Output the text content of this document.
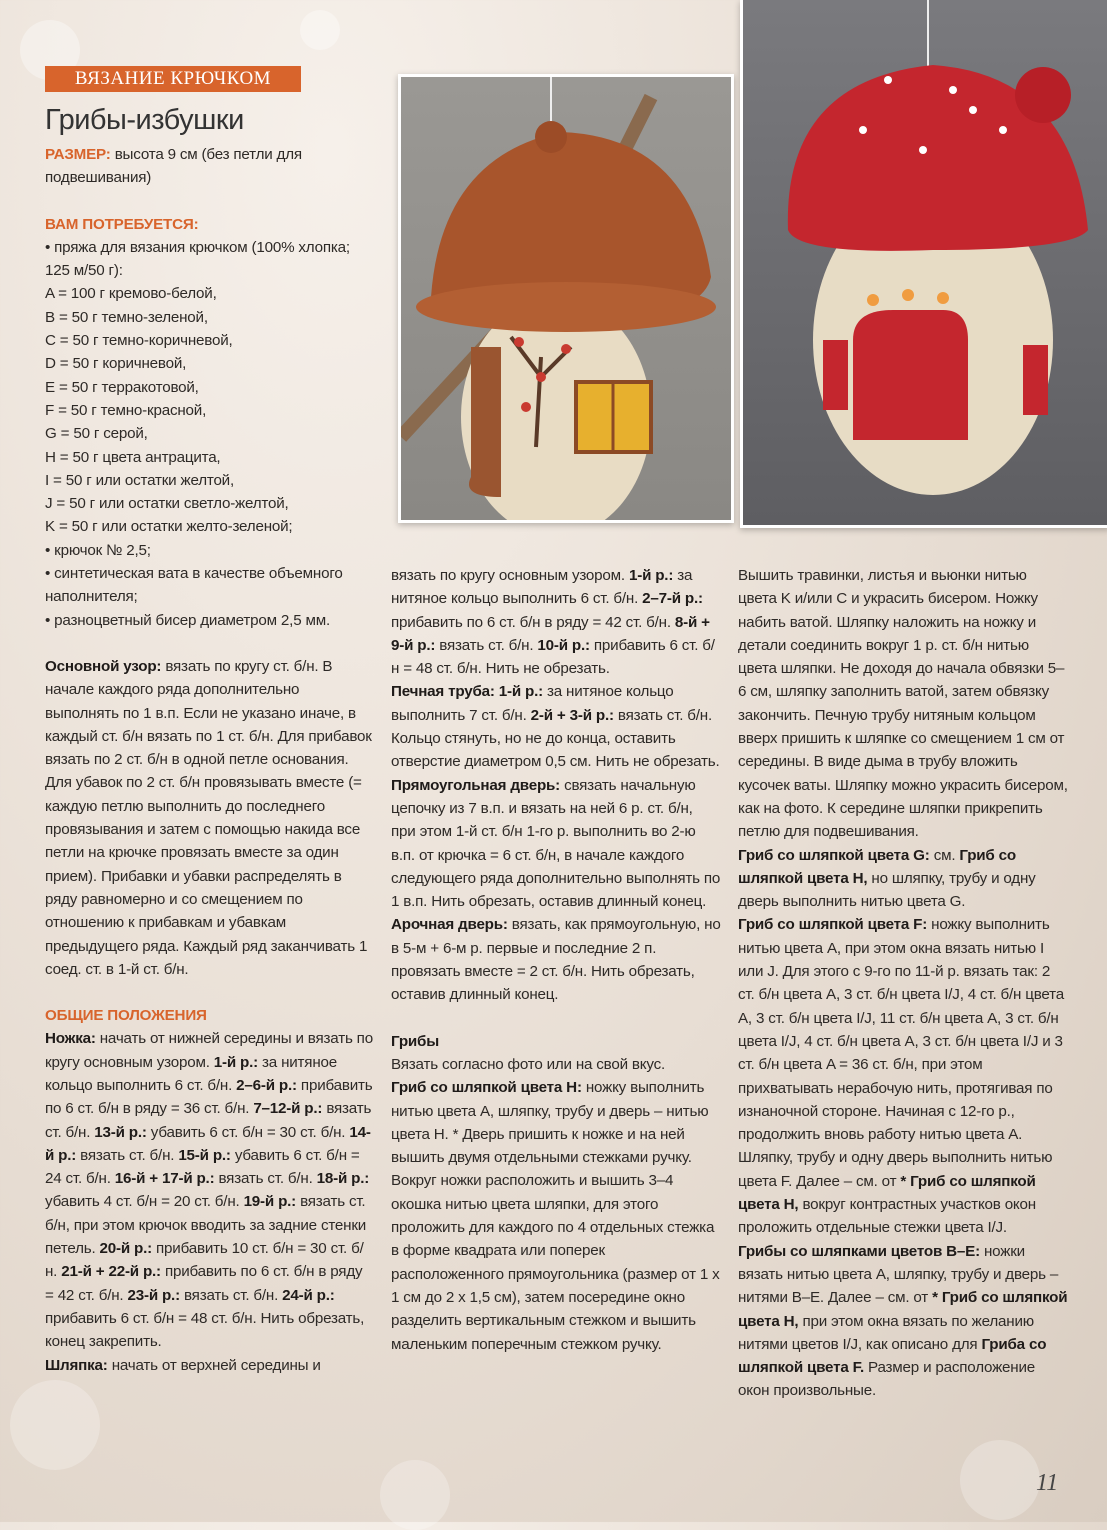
ВЯЗАНИЕ КРЮЧКОМ
Грибы-избушки

РАЗМЕР: высота 9 см (без петли для подвешивания)

ВАМ ПОТРЕБУЕТСЯ:

• пряжа для вязания крючком (100% хлопка; 125 м/50 г):

A = 100 г кремово-белой,

B = 50 г темно-зеленой,

C = 50 г темно-коричневой,

D = 50 г коричневой,

E = 50 г терракотовой,

F = 50 г темно-красной,

G = 50 г серой,

H = 50 г цвета антрацита,

I = 50 г или остатки желтой,

J = 50 г или остатки светло-желтой,

K = 50 г или остатки желто-зеленой;

• крючок № 2,5;

• синтетическая вата в качестве объемного наполнителя;

• разноцветный бисер диаметром 2,5 мм.

Основной узор: вязать по кругу ст. б/н. В начале каждого ряда дополнительно выполнять по 1 в.п. Если не указано иначе, в каждый ст. б/н вязать по 1 ст. б/н. Для прибавок вязать по 2 ст. б/н в одной петле основания. Для убавок по 2 ст. б/н провязывать вместе (= каждую петлю выполнить до последнего провязывания и затем с помощью накида все петли на крючке провязать вместе за один прием). Прибавки и убавки распределять в ряду равномерно и со смещением по отношению к прибавкам и убавкам предыдущего ряда. Каждый ряд заканчивать 1 соед. ст. в 1-й ст. б/н.

ОБЩИЕ ПОЛОЖЕНИЯ

Ножка: начать от нижней середины и вязать по кругу основным узором. 1-й р.: за нитяное кольцо выполнить 6 ст. б/н. 2–6-й р.: прибавить по 6 ст. б/н в ряду = 36 ст. б/н. 7–12-й р.: вязать ст. б/н. 13-й р.: убавить 6 ст. б/н = 30 ст. б/н. 14-й р.: вязать ст. б/н. 15-й р.: убавить 6 ст. б/н = 24 ст. б/н. 16-й + 17-й р.: вязать ст. б/н. 18-й р.: убавить 4 ст. б/н = 20 ст. б/н. 19-й р.: вязать ст. б/н, при этом крючок вводить за задние стенки петель. 20-й р.: прибавить 10 ст. б/н = 30 ст. б/н. 21-й + 22-й р.: прибавить по 6 ст. б/н в ряду = 42 ст. б/н. 23-й р.: вязать ст. б/н. 24-й р.: прибавить 6 ст. б/н = 48 ст. б/н. Нить обрезать, конец закрепить.

Шляпка: начать от верхней середины и

вязать по кругу основным узором. 1-й р.: за нитяное кольцо выполнить 6 ст. б/н. 2–7-й р.: прибавить по 6 ст. б/н в ряду = 42 ст. б/н. 8-й + 9-й р.: вязать ст. б/н. 10-й р.: прибавить 6 ст. б/н = 48 ст. б/н. Нить не обрезать.

Печная труба: 1-й р.: за нитяное кольцо выполнить 7 ст. б/н. 2-й + 3-й р.: вязать ст. б/н. Кольцо стянуть, но не до конца, оставить отверстие диаметром 0,5 см. Нить не обрезать.

Прямоугольная дверь: связать начальную цепочку из 7 в.п. и вязать на ней 6 р. ст. б/н, при этом 1-й ст. б/н 1-го р. выполнить во 2-ю в.п. от крючка = 6 ст. б/н, в начале каждого следующего ряда дополнительно выполнять по 1 в.п. Нить обрезать, оставив длинный конец.

Арочная дверь: вязать, как прямоугольную, но в 5-м + 6-м р. первые и последние 2 п. провязать вместе = 2 ст. б/н. Нить обрезать, оставив длинный конец.

Грибы

Вязать согласно фото или на свой вкус.

Гриб со шляпкой цвета H: ножку выполнить нитью цвета A, шляпку, трубу и дверь – нитью цвета H. * Дверь пришить к ножке и на ней вышить двумя отдельными стежками ручку. Вокруг ножки расположить и вышить 3–4 окошка нитью цвета шляпки, для этого проложить для каждого по 4 отдельных стежка в форме квадрата или поперек расположенного прямоугольника (размер от 1 х 1 см до 2 х 1,5 см), затем посередине окно разделить вертикальным стежком и вышить маленьким поперечным стежком ручку.

Вышить травинки, листья и вьюнки нитью цвета K и/или C и украсить бисером. Ножку набить ватой. Шляпку наложить на ножку и детали соединить вокруг 1 р. ст. б/н нитью цвета шляпки. Не доходя до начала обвязки 5–6 см, шляпку заполнить ватой, затем обвязку закончить. Печную трубу нитяным кольцом вверх пришить к шляпке со смещением 1 см от середины. В виде дыма в трубу вложить кусочек ваты. Шляпку можно украсить бисером, как на фото. К середине шляпки прикрепить петлю для подвешивания.

Гриб со шляпкой цвета G: см. Гриб со шляпкой цвета H, но шляпку, трубу и одну дверь выполнить нитью цвета G.

Гриб со шляпкой цвета F: ножку выполнить нитью цвета A, при этом окна вязать нитью I или J. Для этого с 9-го по 11-й р. вязать так: 2 ст. б/н цвета A, 3 ст. б/н цвета I/J, 4 ст. б/н цвета A, 3 ст. б/н цвета I/J, 11 ст. б/н цвета A, 3 ст. б/н цвета I/J, 4 ст. б/н цвета A, 3 ст. б/н цвета I/J и 3 ст. б/н цвета A = 36 ст. б/н, при этом прихватывать нерабочую нить, протягивая по изнаночной стороне. Начиная с 12-го р., продолжить вновь работу нитью цвета A. Шляпку, трубу и одну дверь выполнить нитью цвета F. Далее – см. от * Гриб со шляпкой цвета H, вокруг контрастных участков окон проложить отдельные стежки цвета I/J.

Грибы со шляпками цветов B–E: ножки вязать нитью цвета A, шляпку, трубу и дверь – нитями B–E. Далее – см. от * Гриб со шляпкой цвета H, при этом окна вязать по желанию нитями цветов I/J, как описано для Гриба со шляпкой цвета F. Размер и расположение окон произвольные.

11
